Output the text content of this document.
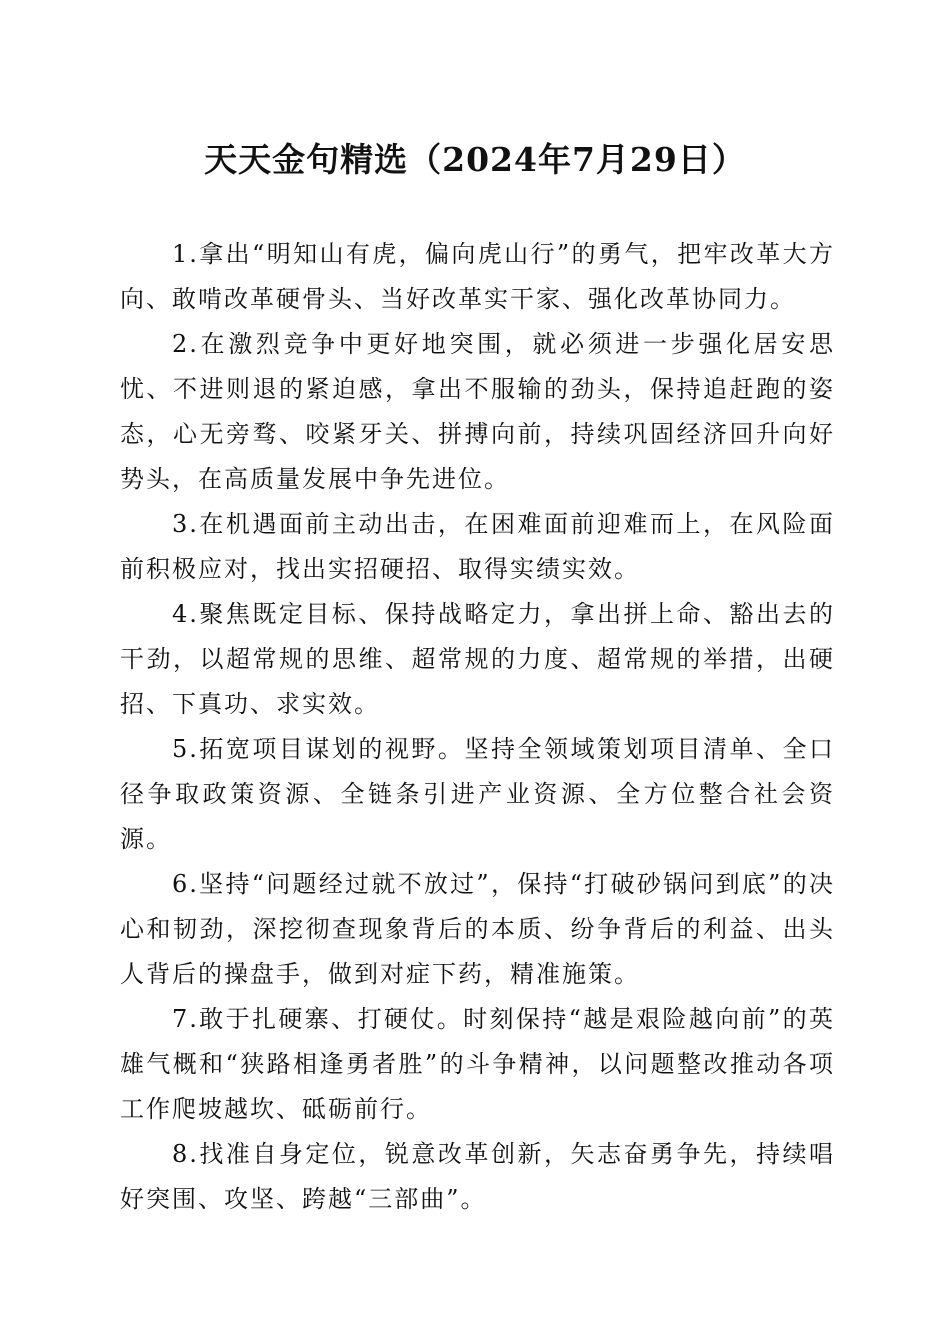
天天金句精选（2024年7月29日）

1.拿出“明知山有虎，偏向虎山行”的勇气，把牢改革大方向、敢啃改革硬骨头、当好改革实干家、强化改革协同力。

2.在激烈竞争中更好地突围，就必须进一步强化居安思忧、不进则退的紧迫感，拿出不服输的劲头，保持追赶跑的姿态，心无旁骛、咬紧牙关、拼搏向前，持续巩固经济回升向好势头，在高质量发展中争先进位。

3.在机遇面前主动出击，在困难面前迎难而上，在风险面前积极应对，找出实招硬招、取得实绩实效。

4.聚焦既定目标、保持战略定力，拿出拼上命、豁出去的干劲，以超常规的思维、超常规的力度、超常规的举措，出硬招、下真功、求实效。

5.拓宽项目谋划的视野。坚持全领域策划项目清单、全口径争取政策资源、全链条引进产业资源、全方位整合社会资源。

6.坚持“问题经过就不放过”，保持“打破砂锅问到底”的决心和韧劲，深挖彻查现象背后的本质、纷争背后的利益、出头人背后的操盘手，做到对症下药，精准施策。

7.敢于扎硬寨、打硬仗。时刻保持“越是艰险越向前”的英雄气概和“狭路相逢勇者胜”的斗争精神，以问题整改推动各项工作爬坡越坎、砥砺前行。

8.找准自身定位，锐意改革创新，矢志奋勇争先，持续唱好突围、攻坚、跨越“三部曲”。
